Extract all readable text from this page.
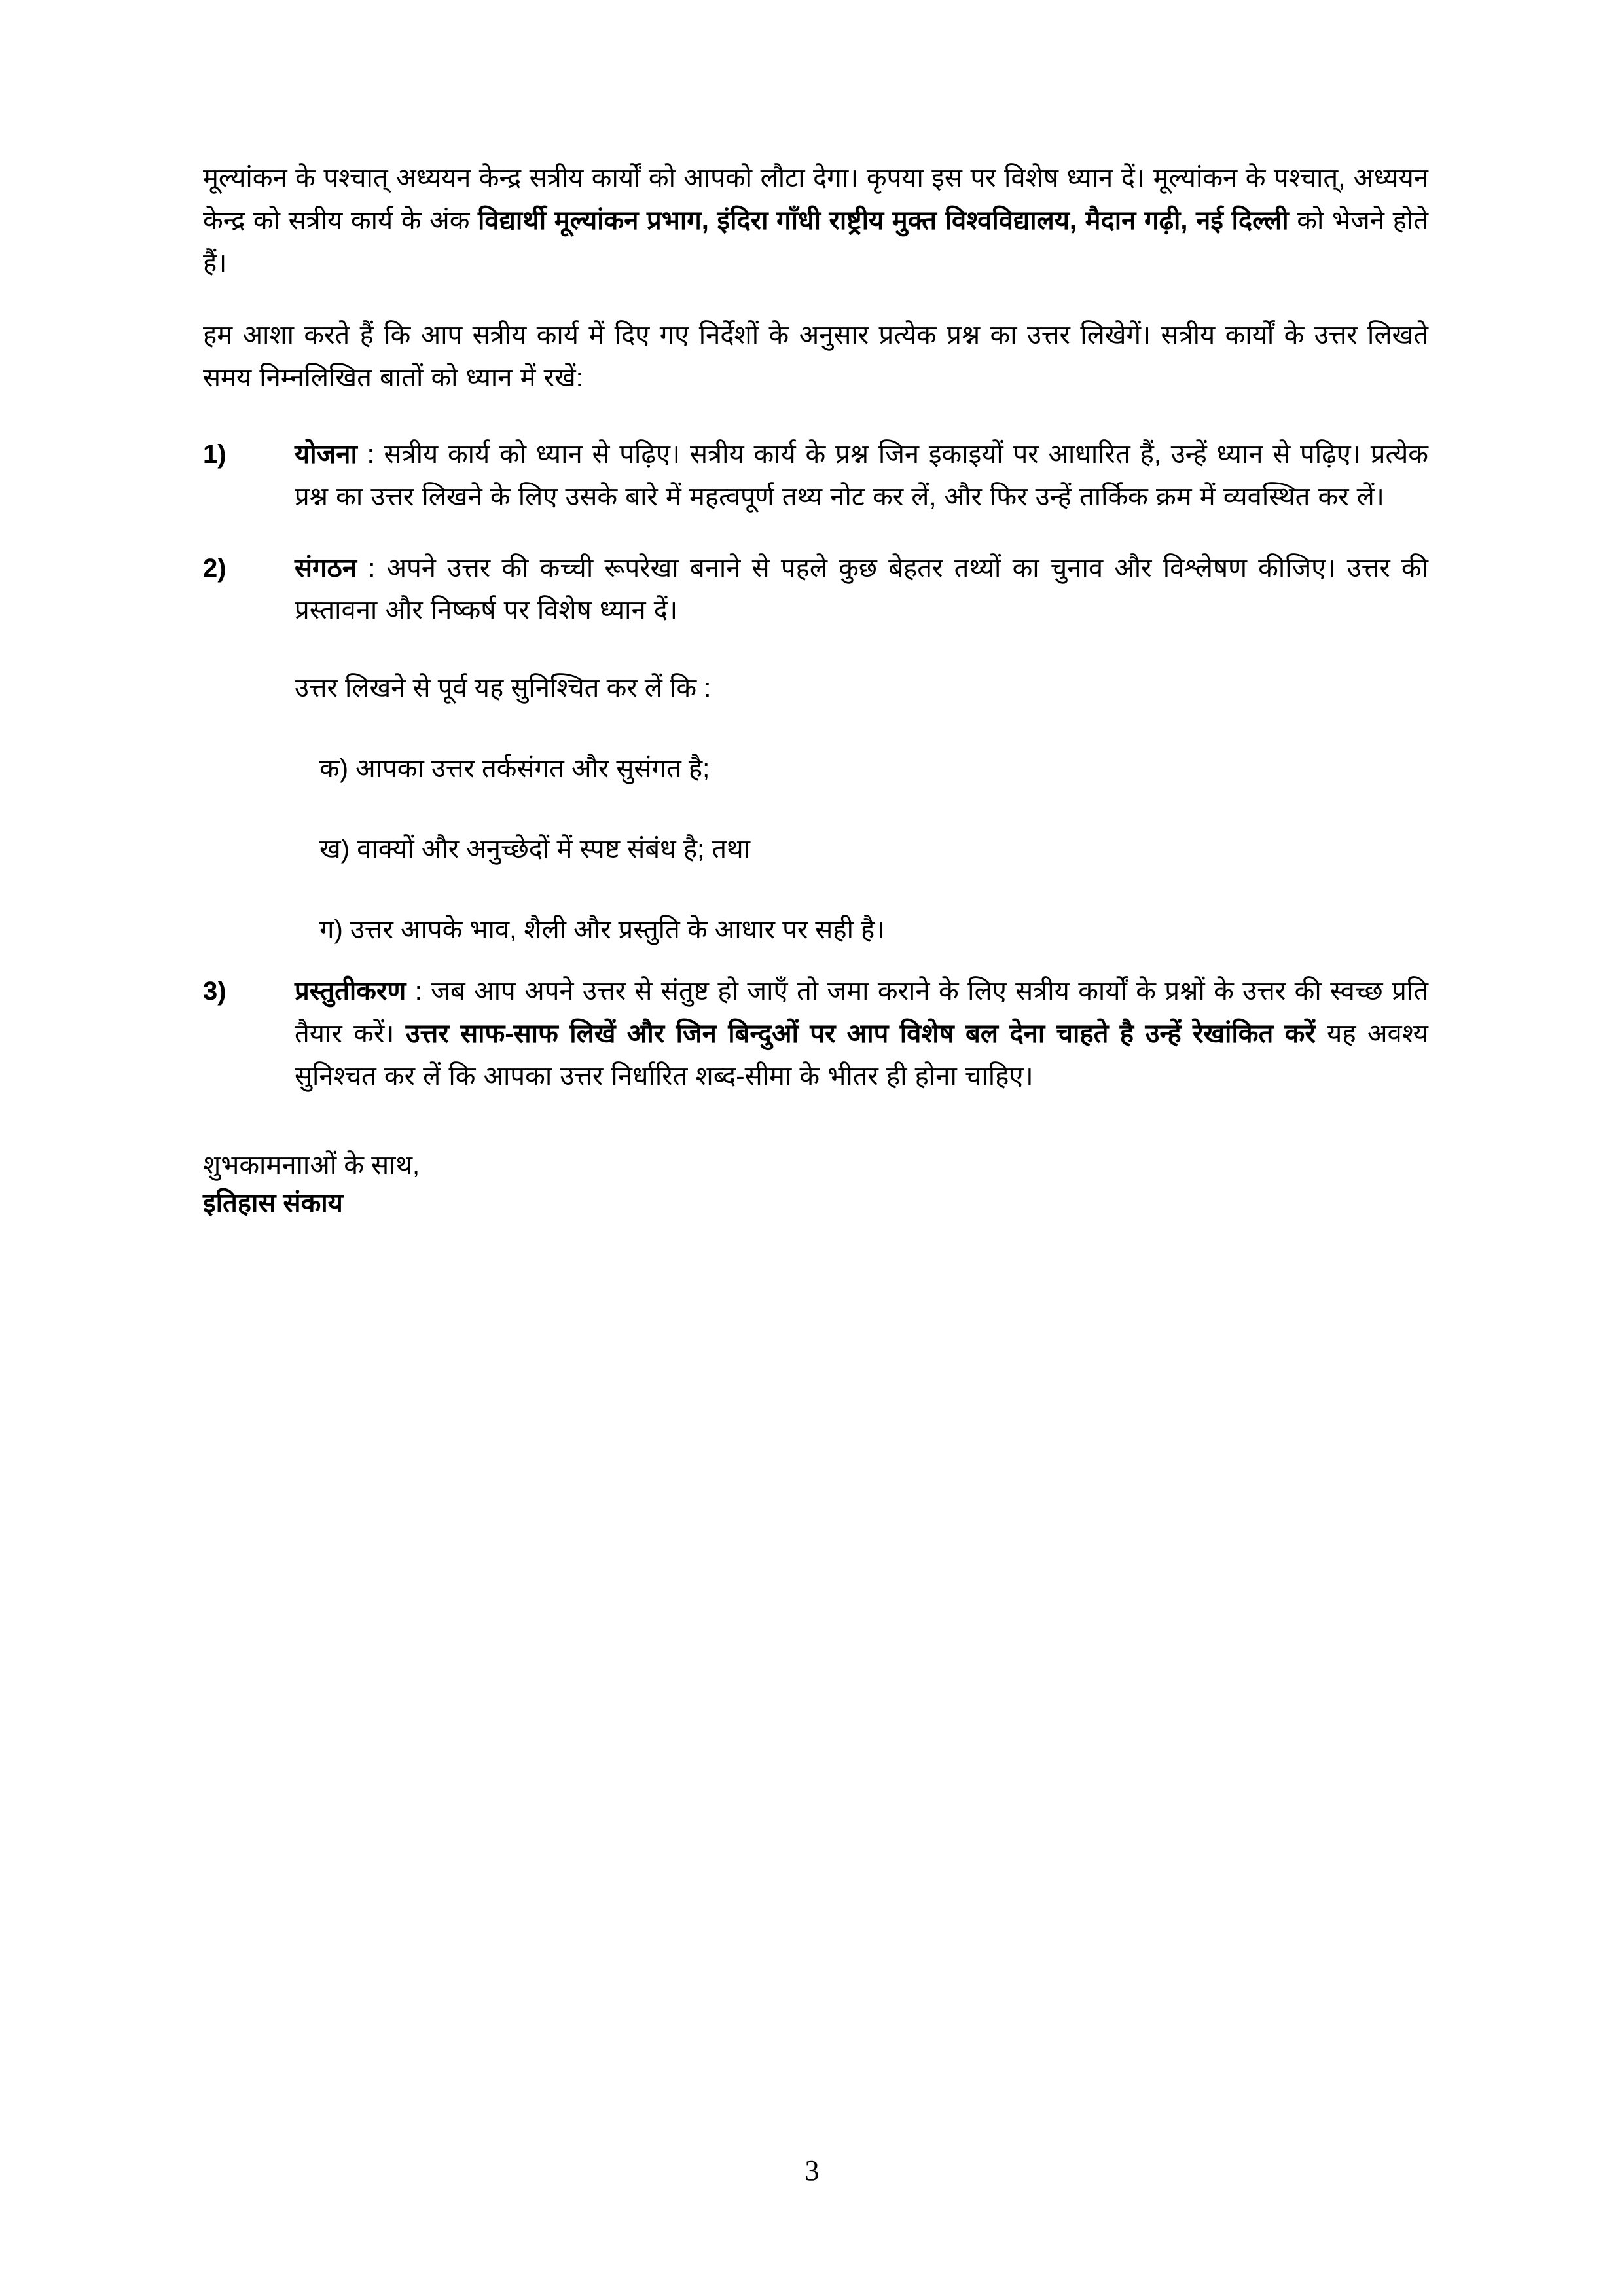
मूल्यांकन के पश्चात् अध्ययन केन्द्र सत्रीय कार्यों को आपको लौटा देगा। कृपया इस पर विशेष ध्यान दें। मूल्यांकन के पश्चात्, अध्ययन केन्द्र को सत्रीय कार्य के अंक विद्यार्थी मूल्यांकन प्रभाग, इंदिरा गाँधी राष्ट्रीय मुक्त विश्वविद्यालय, मैदान गढ़ी, नई दिल्ली को भेजने होते हैं।

हम आशा करते हैं कि आप सत्रीय कार्य में दिए गए निर्देशों के अनुसार प्रत्येक प्रश्न का उत्तर लिखेगें। सत्रीय कार्यों के उत्तर लिखते समय निम्नलिखित बातों को ध्यान में रखें:

1)	योजना : सत्रीय कार्य को ध्यान से पढ़िए। सत्रीय कार्य के प्रश्न जिन इकाइयों पर आधारित हैं, उन्हें ध्यान से पढ़िए। प्रत्येक प्रश्न का उत्तर लिखने के लिए उसके बारे में महत्वपूर्ण तथ्य नोट कर लें, और फिर उन्हें तार्किक क्रम में व्यवस्थित कर लें।
2)	संगठन : अपने उत्तर की कच्ची रूपरेखा बनाने से पहले कुछ बेहतर तथ्यों का चुनाव और विश्लेषण कीजिए। उत्तर की प्रस्तावना और निष्कर्ष पर विशेष ध्यान दें।

उत्तर लिखने से पूर्व यह सुनिश्चित कर लें कि :

क) आपका उत्तर तर्कसंगत और सुसंगत है;

ख) वाक्यों और अनुच्छेदों में स्पष्ट संबंध है; तथा

ग) उत्तर आपके भाव, शैली और प्रस्तुति के आधार पर सही है।

3)	प्रस्तुतीकरण : जब आप अपने उत्तर से संतुष्ट हो जाएँ तो जमा कराने के लिए सत्रीय कार्यों के प्रश्नों के उत्तर की स्वच्छ प्रति तैयार करें। उत्तर साफ-साफ लिखें और जिन बिन्दुओं पर आप विशेष बल देना चाहते है उन्हें रेखांकित करें यह अवश्य सुनिश्चत कर लें कि आपका उत्तर निर्धारित शब्द-सीमा के भीतर ही होना चाहिए।
शुभकामनााओं के साथ,
इतिहास संकाय
3
